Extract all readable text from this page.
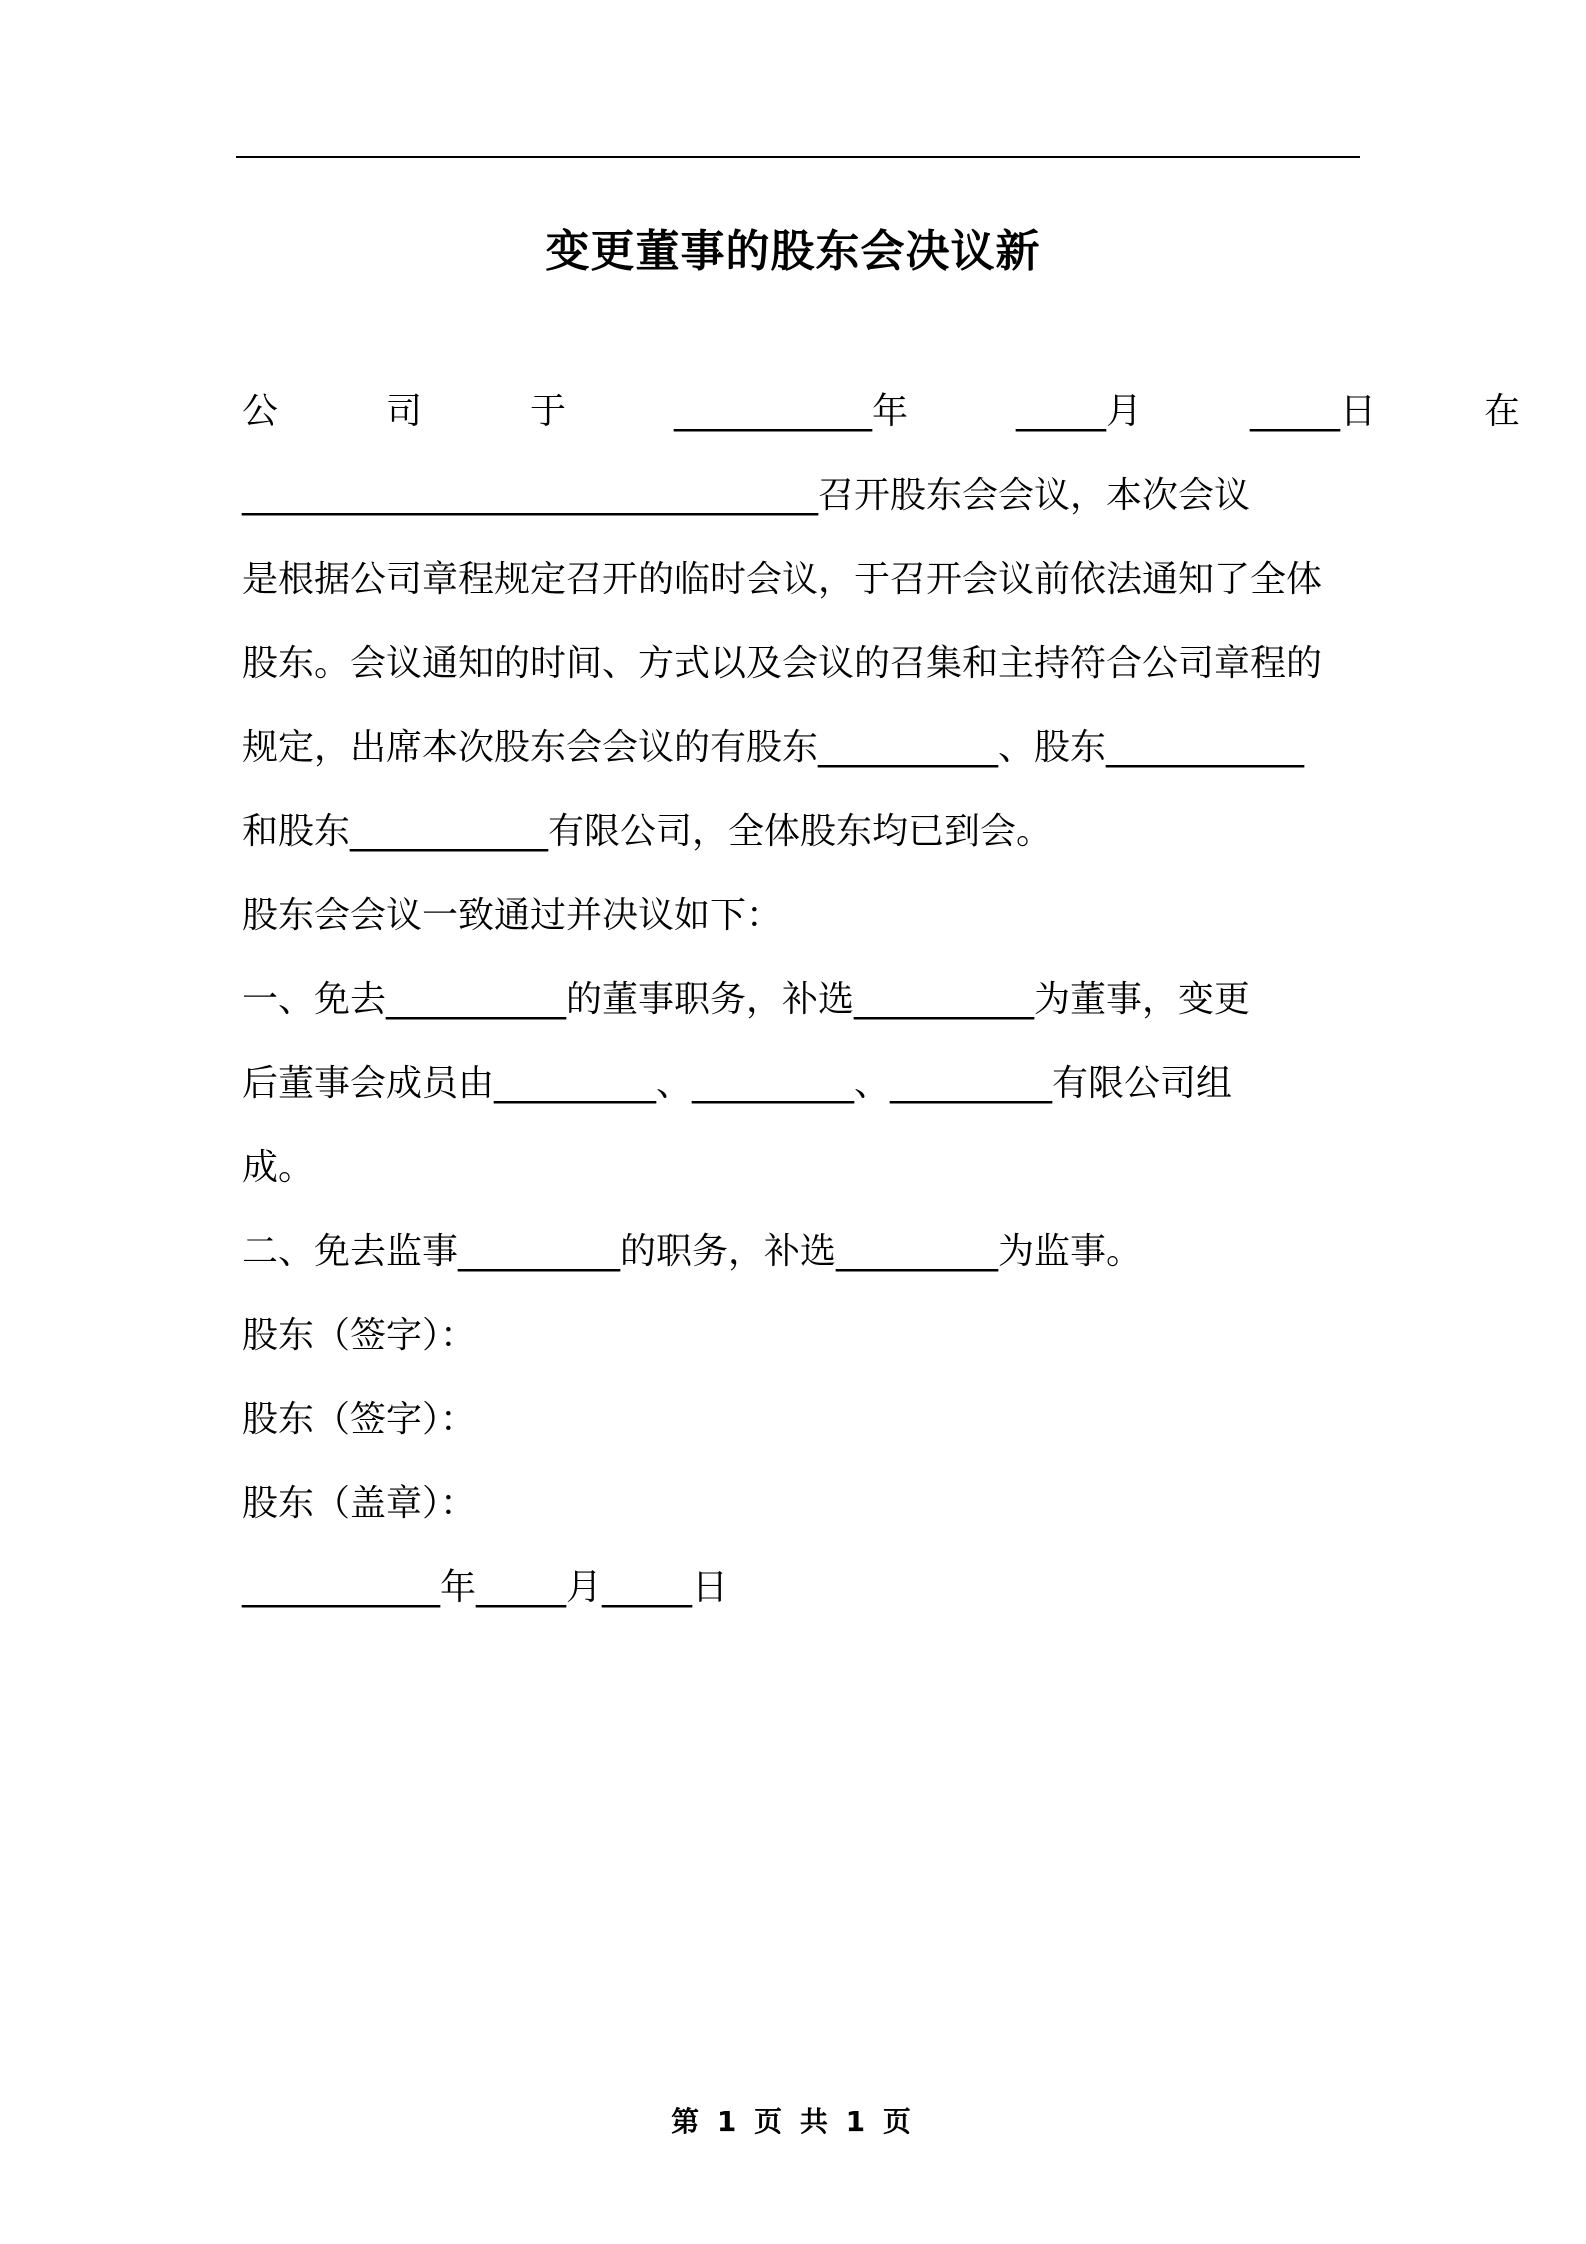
变更董事的股东会决议新
公　　　司　　　于　　　___________年　　　_____月　　　_____日　　　在
________________________________召开股东会会议，本次会议
是根据公司章程规定召开的临时会议，于召开会议前依法通知了全体
股东。会议通知的时间、方式以及会议的召集和主持符合公司章程的
规定，出席本次股东会会议的有股东__________、股东___________
和股东___________有限公司，全体股东均已到会。
股东会会议一致通过并决议如下：
一、免去__________的董事职务，补选__________为董事，变更
后董事会成员由_________、_________、_________有限公司组
成。
二、免去监事_________的职务，补选_________为监事。
股东（签字）：
股东（签字）：
股东（盖章）：
___________年_____月_____日
第 1 页 共 1 页
